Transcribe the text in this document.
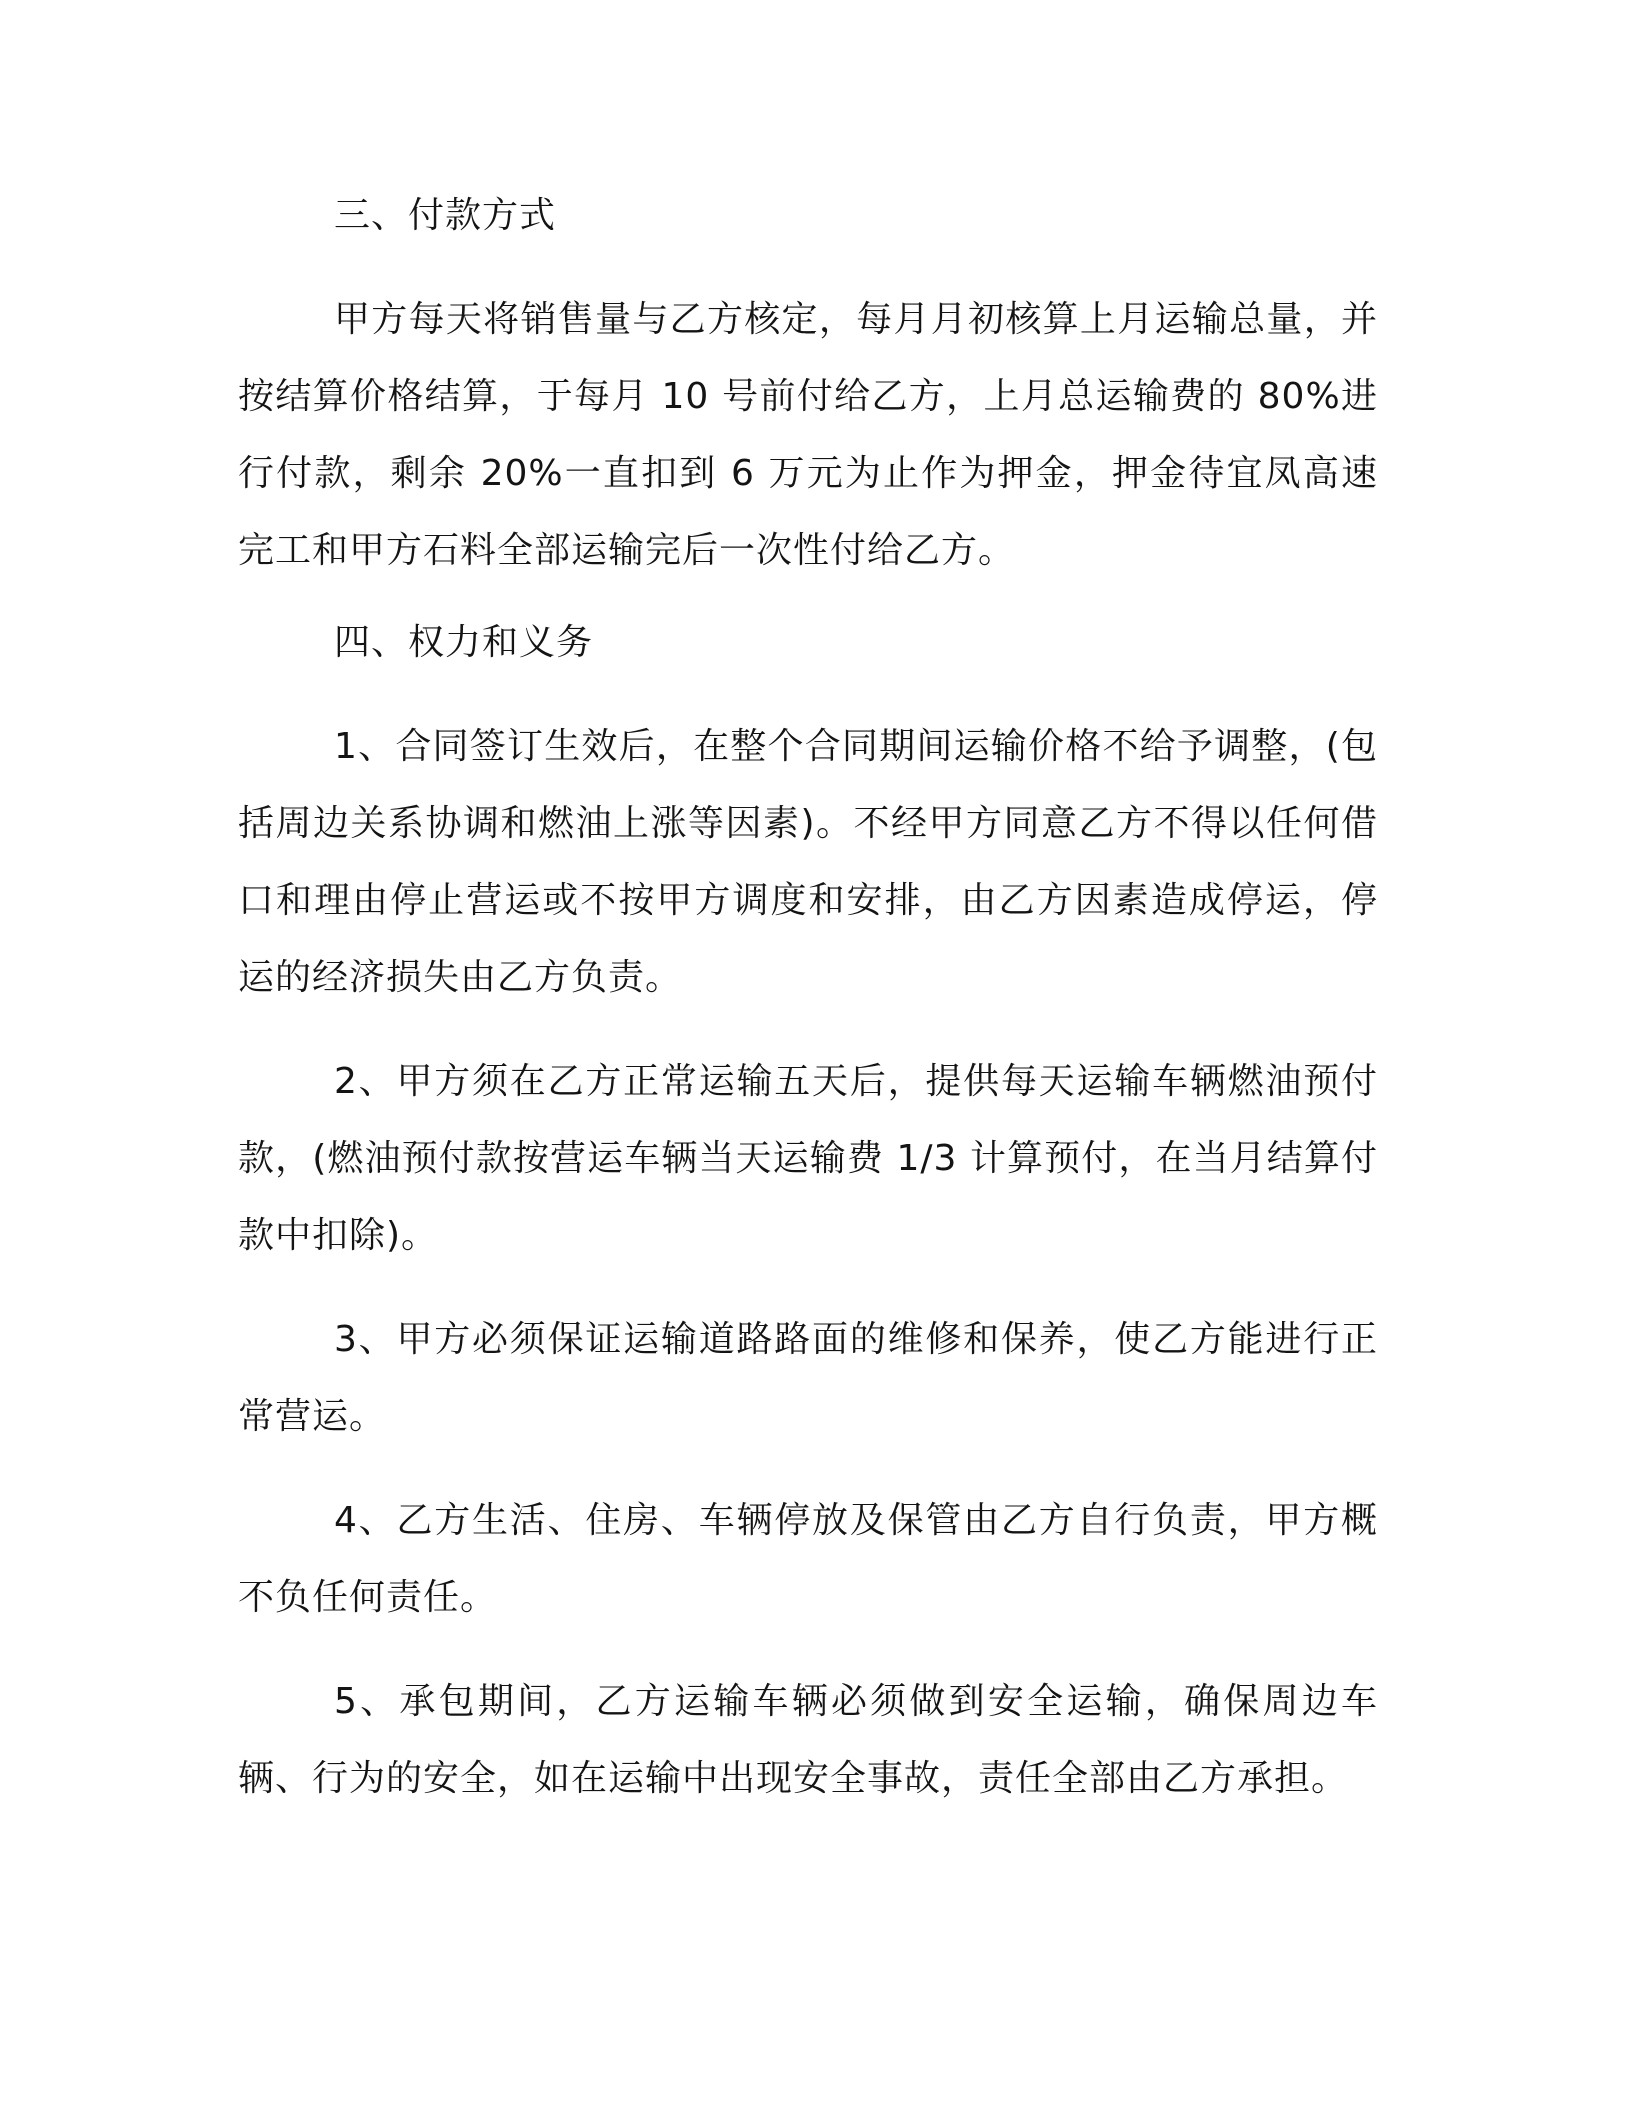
三、付款方式
甲方每天将销售量与乙方核定，每月月初核算上月运输总量，并按结算价格结算，于每月 10 号前付给乙方，上月总运输费的 80%进行付款，剩余 20%一直扣到 6 万元为止作为押金，押金待宜凤高速完工和甲方石料全部运输完后一次性付给乙方。
四、权力和义务
1、合同签订生效后，在整个合同期间运输价格不给予调整，(包括周边关系协调和燃油上涨等因素)。不经甲方同意乙方不得以任何借口和理由停止营运或不按甲方调度和安排，由乙方因素造成停运，停运的经济损失由乙方负责。
2、甲方须在乙方正常运输五天后，提供每天运输车辆燃油预付款，(燃油预付款按营运车辆当天运输费 1/3 计算预付，在当月结算付款中扣除)。
3、甲方必须保证运输道路路面的维修和保养，使乙方能进行正常营运。
4、乙方生活、住房、车辆停放及保管由乙方自行负责，甲方概不负任何责任。
5、承包期间，乙方运输车辆必须做到安全运输，确保周边车辆、行为的安全，如在运输中出现安全事故，责任全部由乙方承担。
